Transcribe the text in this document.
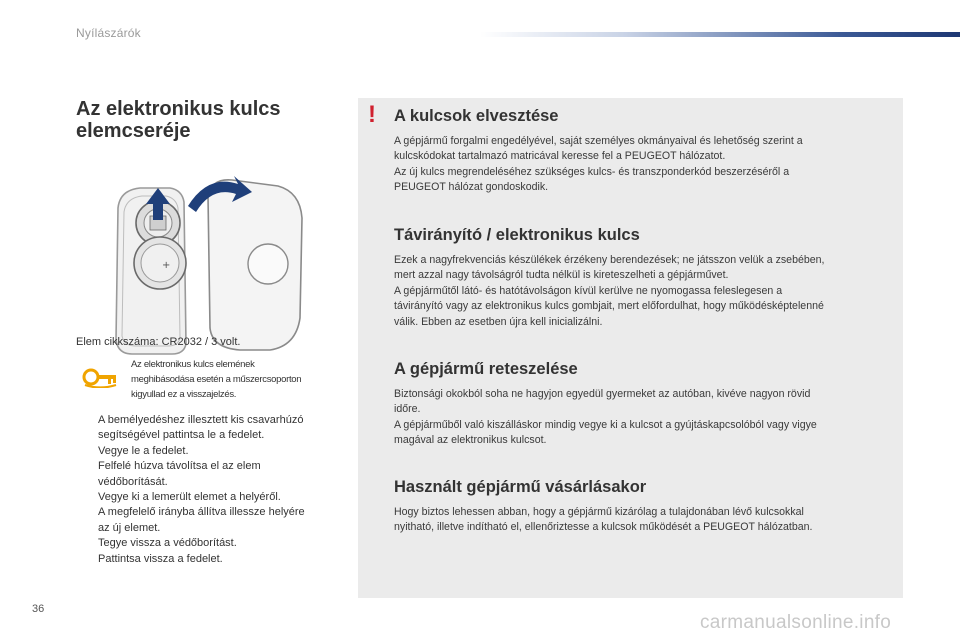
Nyílászárók
Az elektronikus kulcs
elemcseréje
+
Elem cikkszáma: CR2032 / 3 volt.
Az elektronikus kulcs elemének
meghibásodása esetén a műszercsoporton
kigyullad ez a visszajelzés.
A bemélyedéshez illesztett kis csavarhúzó
segítségével pattintsa le a fedelet.
Vegye le a fedelet.
Felfelé húzva távolítsa el az elem
védőborítását.
Vegye ki a lemerült elemet a helyéről.
A megfelelő irányba állítva illessze helyére
az új elemet.
Tegye vissza a védőborítást.
Pattintsa vissza a fedelet.
! A kulcsok elvesztése

A gépjármű forgalmi engedélyével, saját személyes okmányaival és lehetőség szerint a
kulcskódokat tartalmazó matricával keresse fel a PEUGEOT hálózatot.
Az új kulcs megrendeléséhez szükséges kulcs- és transzponderkód beszerzéséről a
PEUGEOT hálózat gondoskodik.

Távirányító / elektronikus kulcs

Ezek a nagyfrekvenciás készülékek érzékeny berendezések; ne játsszon velük a zsebében,
mert azzal nagy távolságról tudta nélkül is kireteszelheti a gépjárművet.
A gépjárműtől látó- és hatótávolságon kívül kerülve ne nyomogassa feleslegesen a
távirányító vagy az elektronikus kulcs gombjait, mert előfordulhat, hogy működésképtelenné
válik. Ebben az esetben újra kell inicializálni.

A gépjármű reteszelése

Biztonsági okokból soha ne hagyjon egyedül gyermeket az autóban, kivéve nagyon rövid
időre.
A gépjárműből való kiszálláskor mindig vegye ki a kulcsot a gyújtáskapcsolóból vagy vigye
magával az elektronikus kulcsot.

Használt gépjármű vásárlásakor

Hogy biztos lehessen abban, hogy a gépjármű kizárólag a tulajdonában lévő kulcsokkal
nyitható, illetve indítható el, ellenőriztesse a kulcsok működését a PEUGEOT hálózatban.

36
carmanualsonline.info
